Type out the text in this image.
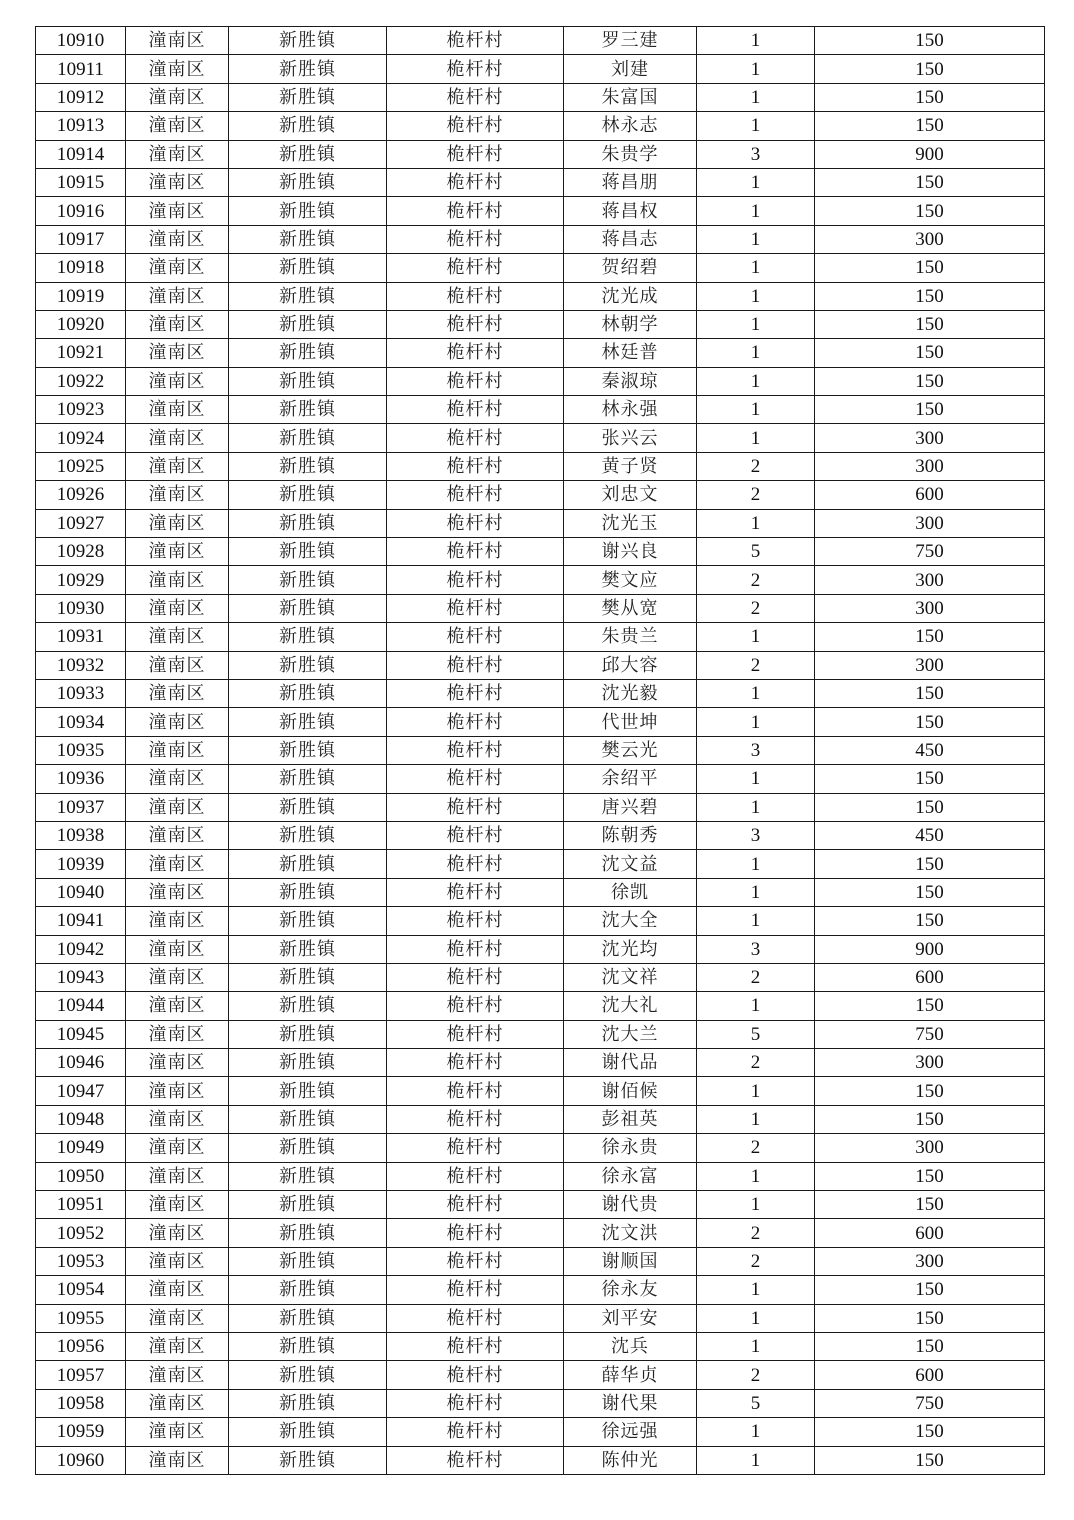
10910	潼南区	新胜镇	桅杆村	罗三建	1	150
10911	潼南区	新胜镇	桅杆村	刘建	1	150
10912	潼南区	新胜镇	桅杆村	朱富国	1	150
10913	潼南区	新胜镇	桅杆村	林永志	1	150
10914	潼南区	新胜镇	桅杆村	朱贵学	3	900
10915	潼南区	新胜镇	桅杆村	蒋昌朋	1	150
10916	潼南区	新胜镇	桅杆村	蒋昌权	1	150
10917	潼南区	新胜镇	桅杆村	蒋昌志	1	300
10918	潼南区	新胜镇	桅杆村	贺绍碧	1	150
10919	潼南区	新胜镇	桅杆村	沈光成	1	150
10920	潼南区	新胜镇	桅杆村	林朝学	1	150
10921	潼南区	新胜镇	桅杆村	林廷普	1	150
10922	潼南区	新胜镇	桅杆村	秦淑琼	1	150
10923	潼南区	新胜镇	桅杆村	林永强	1	150
10924	潼南区	新胜镇	桅杆村	张兴云	1	300
10925	潼南区	新胜镇	桅杆村	黄子贤	2	300
10926	潼南区	新胜镇	桅杆村	刘忠文	2	600
10927	潼南区	新胜镇	桅杆村	沈光玉	1	300
10928	潼南区	新胜镇	桅杆村	谢兴良	5	750
10929	潼南区	新胜镇	桅杆村	樊文应	2	300
10930	潼南区	新胜镇	桅杆村	樊从宽	2	300
10931	潼南区	新胜镇	桅杆村	朱贵兰	1	150
10932	潼南区	新胜镇	桅杆村	邱大容	2	300
10933	潼南区	新胜镇	桅杆村	沈光毅	1	150
10934	潼南区	新胜镇	桅杆村	代世坤	1	150
10935	潼南区	新胜镇	桅杆村	樊云光	3	450
10936	潼南区	新胜镇	桅杆村	余绍平	1	150
10937	潼南区	新胜镇	桅杆村	唐兴碧	1	150
10938	潼南区	新胜镇	桅杆村	陈朝秀	3	450
10939	潼南区	新胜镇	桅杆村	沈文益	1	150
10940	潼南区	新胜镇	桅杆村	徐凯	1	150
10941	潼南区	新胜镇	桅杆村	沈大全	1	150
10942	潼南区	新胜镇	桅杆村	沈光均	3	900
10943	潼南区	新胜镇	桅杆村	沈文祥	2	600
10944	潼南区	新胜镇	桅杆村	沈大礼	1	150
10945	潼南区	新胜镇	桅杆村	沈大兰	5	750
10946	潼南区	新胜镇	桅杆村	谢代品	2	300
10947	潼南区	新胜镇	桅杆村	谢佰候	1	150
10948	潼南区	新胜镇	桅杆村	彭祖英	1	150
10949	潼南区	新胜镇	桅杆村	徐永贵	2	300
10950	潼南区	新胜镇	桅杆村	徐永富	1	150
10951	潼南区	新胜镇	桅杆村	谢代贵	1	150
10952	潼南区	新胜镇	桅杆村	沈文洪	2	600
10953	潼南区	新胜镇	桅杆村	谢顺国	2	300
10954	潼南区	新胜镇	桅杆村	徐永友	1	150
10955	潼南区	新胜镇	桅杆村	刘平安	1	150
10956	潼南区	新胜镇	桅杆村	沈兵	1	150
10957	潼南区	新胜镇	桅杆村	薛华贞	2	600
10958	潼南区	新胜镇	桅杆村	谢代果	5	750
10959	潼南区	新胜镇	桅杆村	徐远强	1	150
10960	潼南区	新胜镇	桅杆村	陈仲光	1	150
